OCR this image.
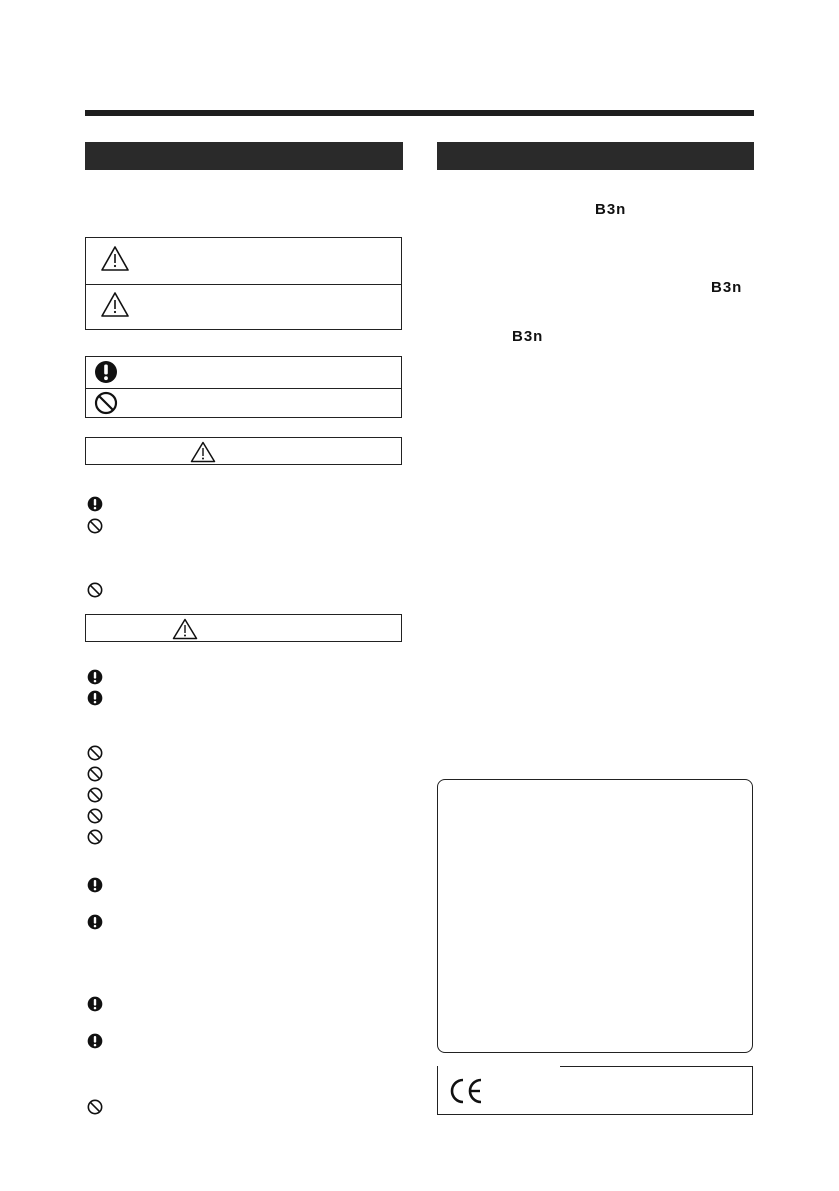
B3n
B3n
B3n
